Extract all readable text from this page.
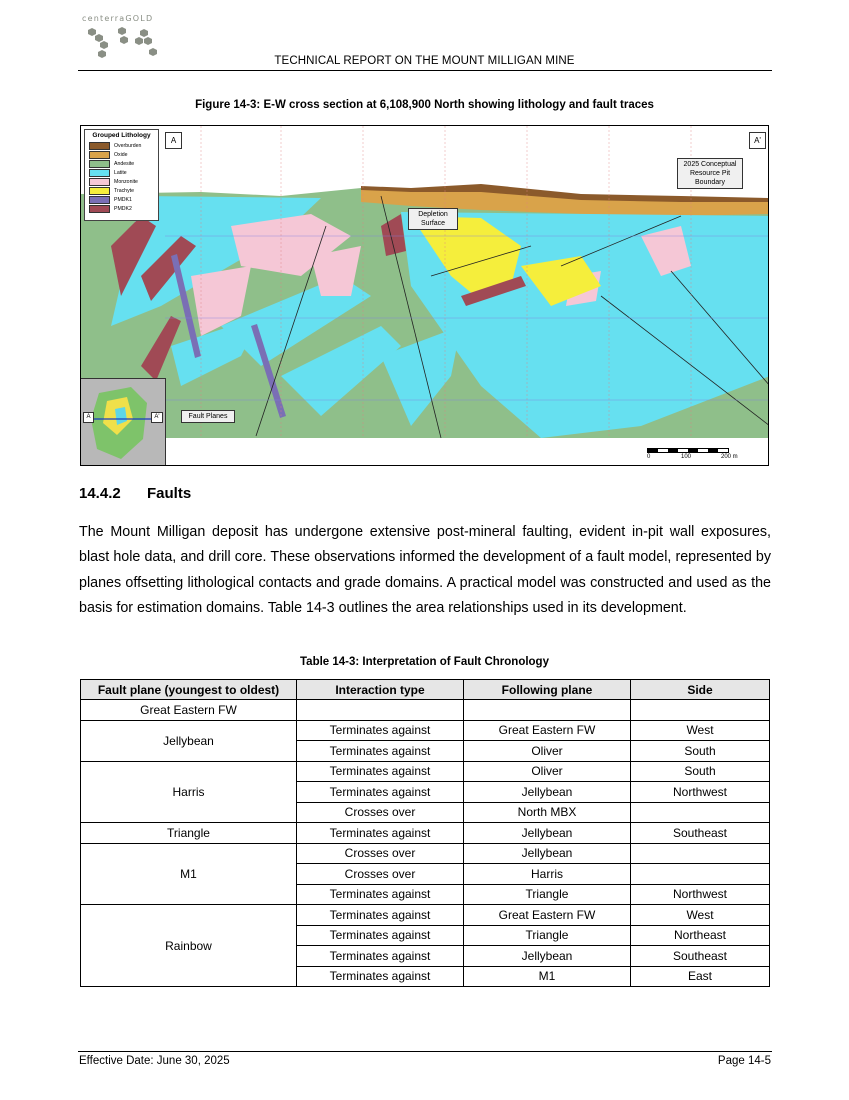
centerraGOLD
TECHNICAL REPORT ON THE MOUNT MILLIGAN MINE
Figure 14-3: E-W cross section at 6,108,900 North showing lithology and fault traces
Grouped Lithology
Overburden
Oxide
Andesite
Latite
Monzonite
Trachyte
PMDK1
PMDK2
A	A'
2025 Conceptual Resource Pit Boundary
Depletion Surface
Fault Planes
A	A'
0	100	200 m
14.4.2 Faults
The Mount Milligan deposit has undergone extensive post-mineral faulting, evident in-pit wall exposures, blast hole data, and drill core. These observations informed the development of a fault model, represented by planes offsetting lithological contacts and grade domains. A practical model was constructed and used as the basis for estimation domains. Table 14-3 outlines the area relationships used in its development.
Table 14-3: Interpretation of Fault Chronology
Fault plane (youngest to oldest)	Interaction type	Following plane	Side
Great Eastern FW			
Jellybean	Terminates against	Great Eastern FW	West
	Terminates against	Oliver	South
Harris	Terminates against	Oliver	South
	Terminates against	Jellybean	Northwest
	Crosses over	North MBX	
Triangle	Terminates against	Jellybean	Southeast
M1	Crosses over	Jellybean	
	Crosses over	Harris	
	Terminates against	Triangle	Northwest
Rainbow	Terminates against	Great Eastern FW	West
	Terminates against	Triangle	Northeast
	Terminates against	Jellybean	Southeast
	Terminates against	M1	East
Effective Date: June 30, 2025	Page 14-5
